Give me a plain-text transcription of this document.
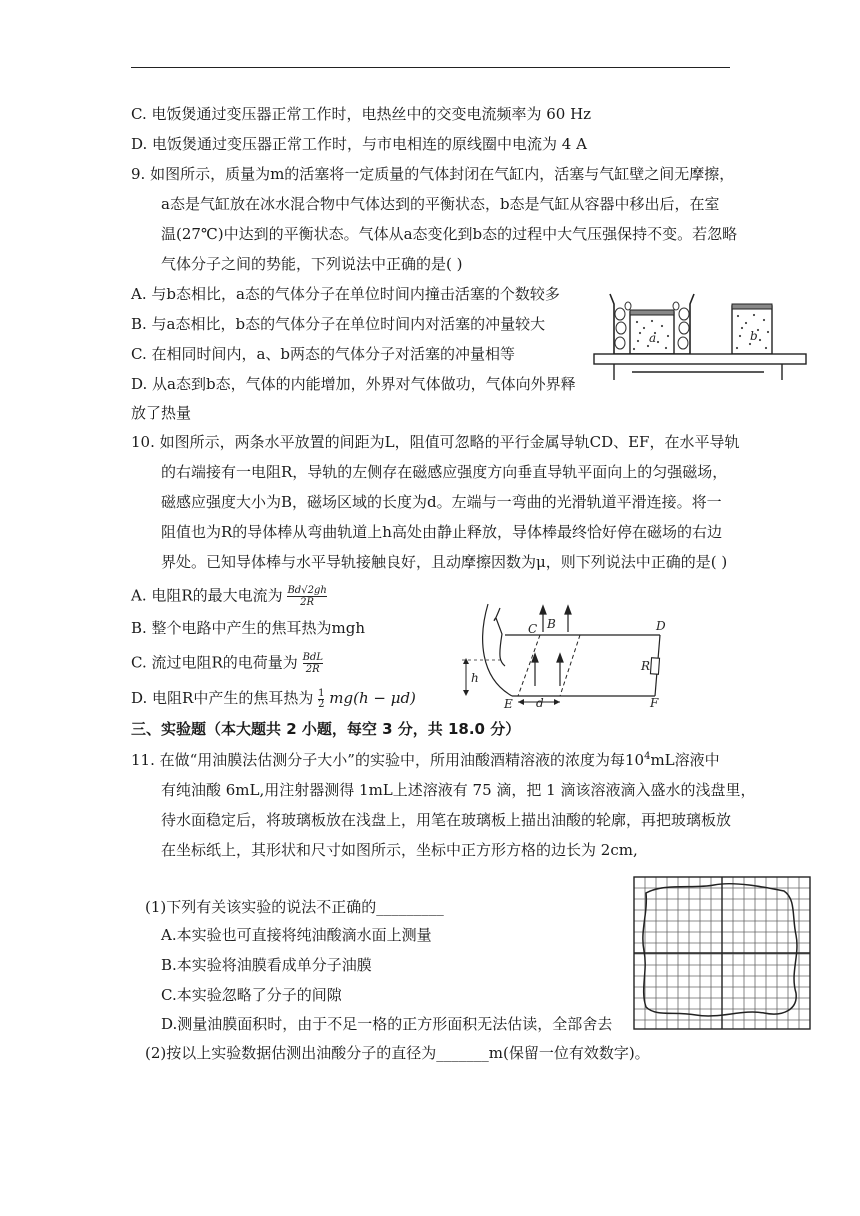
C. 电饭煲通过变压器正常工作时，电热丝中的交变电流频率为 60 Hz
D. 电饭煲通过变压器正常工作时，与市电相连的原线圈中电流为 4 A
9. 如图所示，质量为m的活塞将一定质量的气体封闭在气缸内，活塞与气缸壁之间无摩擦，
a态是气缸放在冰水混合物中气体达到的平衡状态，b态是气缸从容器中移出后，在室
温(27℃)中达到的平衡状态。气体从a态变化到b态的过程中大气压强保持不变。若忽略
气体分子之间的势能，下列说法中正确的是( )
A. 与b态相比，a态的气体分子在单位时间内撞击活塞的个数较多
B. 与a态相比，b态的气体分子在单位时间内对活塞的冲量较大
C. 在相同时间内，a、b两态的气体分子对活塞的冲量相等
D. 从a态到b态，气体的内能增加，外界对气体做功，气体向外界释
放了热量
a	b
10. 如图所示，两条水平放置的间距为L，阻值可忽略的平行金属导轨CD、EF，在水平导轨
的右端接有一电阻R，导轨的左侧存在磁感应强度方向垂直导轨平面向上的匀强磁场，
磁感应强度大小为B，磁场区域的长度为d。左端与一弯曲的光滑轨道平滑连接。将一
阻值也为R的导体棒从弯曲轨道上h高处由静止释放，导体棒最终恰好停在磁场的右边
界处。已知导体棒与水平导轨接触良好，且动摩擦因数为μ，则下列说法中正确的是( )
A. 电阻R的最大电流为 $\frac{Bd√2gh}{2R}$
B. 整个电路中产生的焦耳热为mgh
C. 流过电阻R的电荷量为 BdL
2R
D. 电阻R中产生的焦耳热为 $\frac{1}{2} mg(h - \mu d)$
C B	D
R
h
E d	F
三、实验题（本大题共 2 小题，每空 3 分，共 18.0 分）
11. 在做“用油膜法估测分子大小”的实验中，所用油酸酒精溶液的浓度为每$10^4mL$溶液中
有纯油酸 6mL,用注射器测得 1mL上述溶液有 75 滴，把 1 滴该溶液滴入盛水的浅盘里，
待水面稳定后，将玻璃板放在浅盘上，用笔在玻璃板上描出油酸的轮廓，再把玻璃板放
在坐标纸上，其形状和尺寸如图所示，坐标中正方形方格的边长为 2cm,
(1)下列有关该实验的说法不正确的_________
A.本实验也可直接将纯油酸滴水面上测量
B.本实验将油膜看成单分子油膜
C.本实验忽略了分子的间隙
D.测量油膜面积时，由于不足一格的正方形面积无法估读，全部舍去
(2)按以上实验数据估测出油酸分子的直径为_______m(保留一位有效数字)。
